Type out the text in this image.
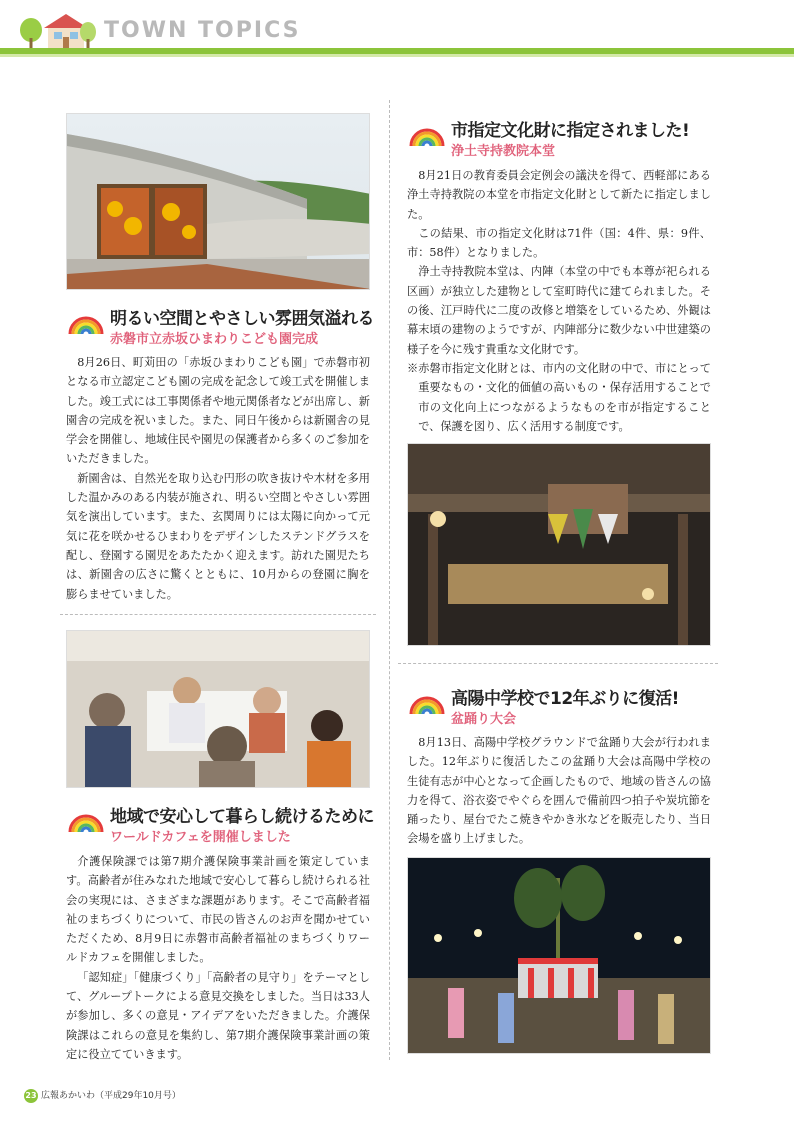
TOWN TOPICS
明るい空間とやさしい雰囲気溢れる
赤磐市立赤坂ひまわりこども園完成

8月26日、町苅田の「赤坂ひまわりこども園」で赤磐市初となる市立認定こども園の完成を記念して竣工式を開催しました。竣工式には工事関係者や地元関係者などが出席し、新園舎の完成を祝いました。また、同日午後からは新園舎の見学会を開催し、地域住民や園児の保護者から多くのご参加をいただきました。

新園舎は、自然光を取り込む円形の吹き抜けや木材を多用した温かみのある内装が施され、明るい空間とやさしい雰囲気を演出しています。また、玄関周りには太陽に向かって元気に花を咲かせるひまわりをデザインしたステンドグラスを配し、登園する園児をあたたかく迎えます。訪れた園児たちは、新園舎の広さに驚くとともに、10月からの登園に胸を膨らませていました。

地域で安心して暮らし続けるために
ワールドカフェを開催しました

介護保険課では第7期介護保険事業計画を策定しています。高齢者が住みなれた地域で安心して暮らし続けられる社会の実現には、さまざまな課題があります。そこで高齢者福祉のまちづくりについて、市民の皆さんのお声を聞かせていただくため、8月9日に赤磐市高齢者福祉のまちづくりワールドカフェを開催しました。

「認知症」「健康づくり」「高齢者の見守り」をテーマとして、グループトークによる意見交換をしました。当日は33人が参加し、多くの意見・アイデアをいただきました。介護保険課はこれらの意見を集約し、第7期介護保険事業計画の策定に役立てていきます。

市指定文化財に指定されました!
浄土寺持教院本堂

8月21日の教育委員会定例会の議決を得て、西軽部にある浄土寺持教院の本堂を市指定文化財として新たに指定しました。

この結果、市の指定文化財は71件（国：4件、県：9件、市：58件）となりました。

浄土寺持教院本堂は、内陣（本堂の中でも本尊が祀られる区画）が独立した建物として室町時代に建てられました。その後、江戸時代に二度の改修と増築をしているため、外観は幕末頃の建物のようですが、内陣部分に数少ない中世建築の様子を今に残す貴重な文化財です。

※赤磐市指定文化財とは、市内の文化財の中で、市にとって重要なもの・文化的価値の高いもの・保存活用することで市の文化向上につながるようなものを市が指定することで、保護を図り、広く活用する制度です。

高陽中学校で12年ぶりに復活!
盆踊り大会

8月13日、高陽中学校グラウンドで盆踊り大会が行われました。12年ぶりに復活したこの盆踊り大会は高陽中学校の生徒有志が中心となって企画したもので、地域の皆さんの協力を得て、浴衣姿でやぐらを囲んで備前四つ拍子や炭坑節を踊ったり、屋台でたこ焼きやかき氷などを販売したり、当日会場を盛り上げました。

23 広報あかいわ（平成29年10月号）
